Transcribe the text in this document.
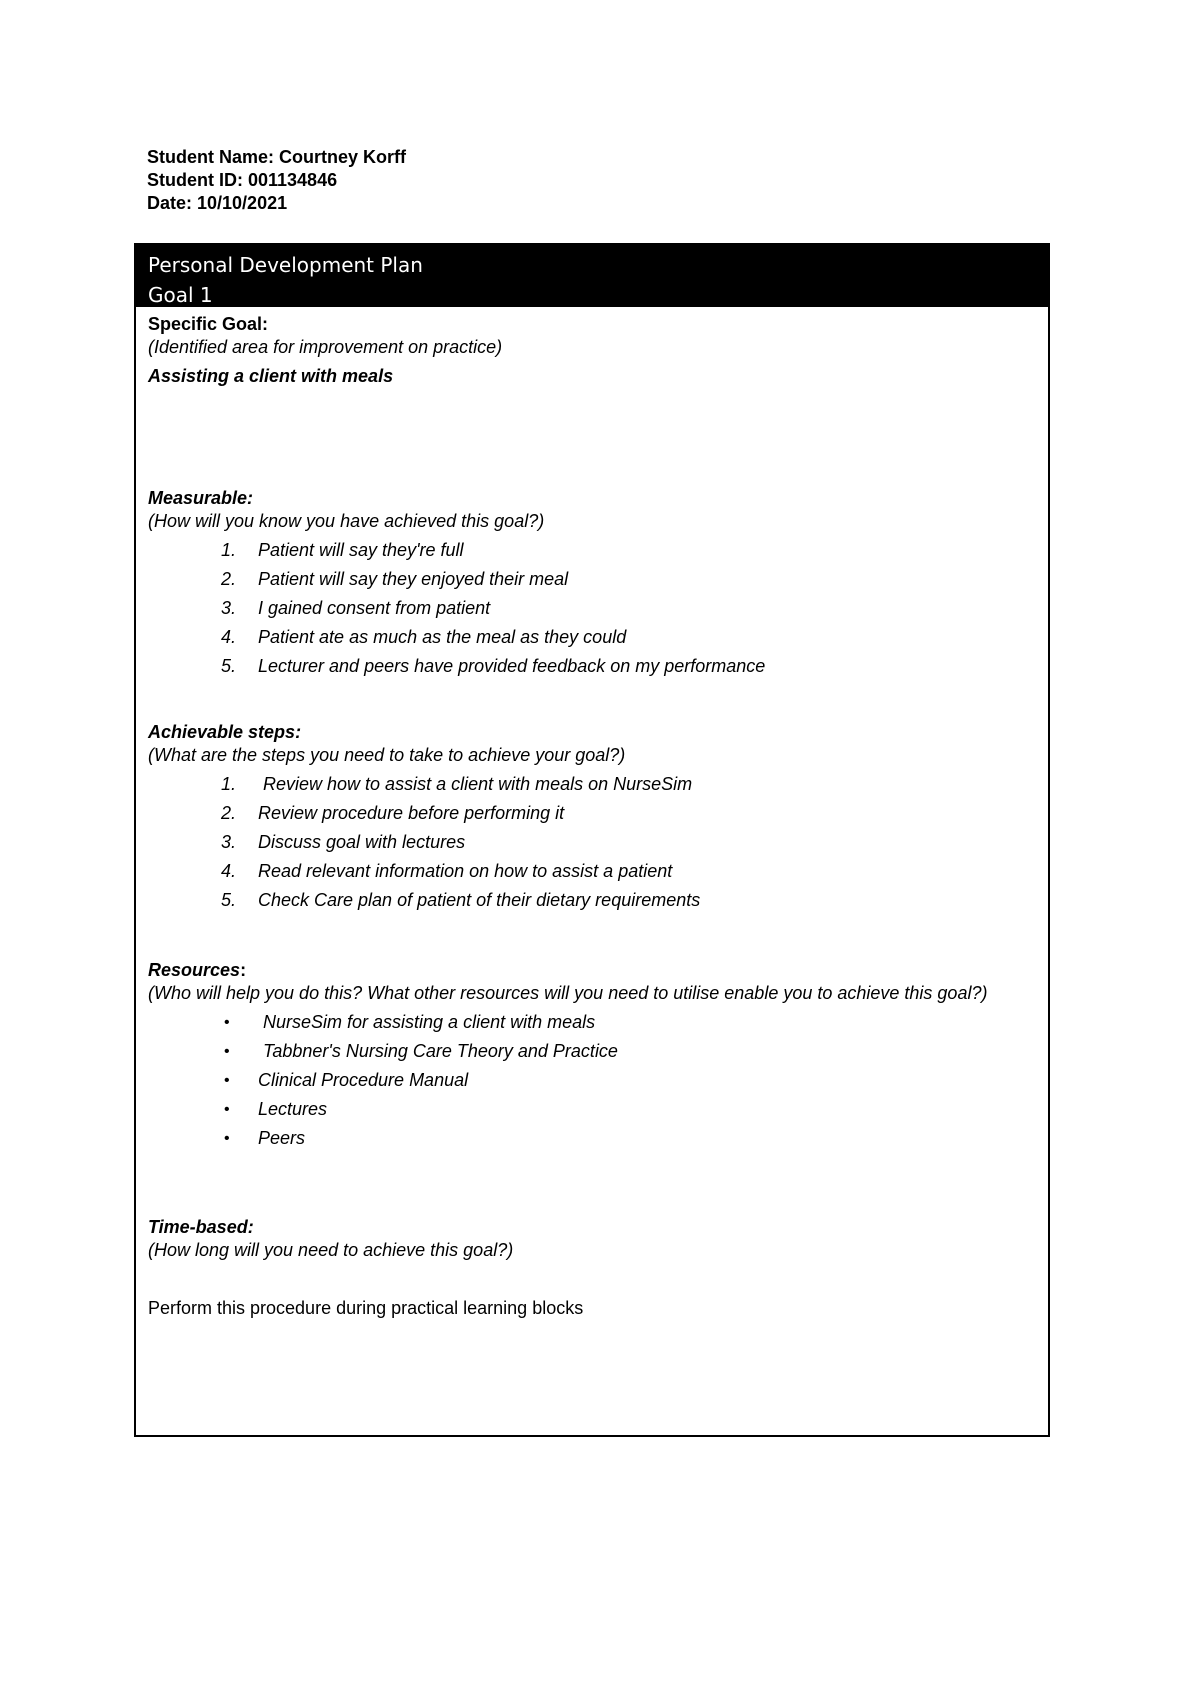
Student Name: Courtney Korff
Student ID: 001134846
Date: 10/10/2021
Personal Development Plan
Goal 1
Specific Goal:
(Identified area for improvement on practice)
Assisting a client with meals
Measurable:
(How will you know you have achieved this goal?)
1. Patient will say they're full
2. Patient will say they enjoyed their meal
3. I gained consent from patient
4. Patient ate as much as the meal as they could
5. Lecturer and peers have provided feedback on my performance
Achievable steps:
(What are the steps you need to take to achieve your goal?)
1. Review how to assist a client with meals on NurseSim
2. Review procedure before performing it
3. Discuss goal with lectures
4. Read relevant information on how to assist a patient
5. Check Care plan of patient of their dietary requirements
Resources:
(Who will help you do this? What other resources will you need to utilise enable you to achieve this goal?)
• NurseSim for assisting a client with meals
• Tabbner's Nursing Care Theory and Practice
• Clinical Procedure Manual
• Lectures
• Peers
Time-based:
(How long will you need to achieve this goal?)
Perform this procedure during practical learning blocks
